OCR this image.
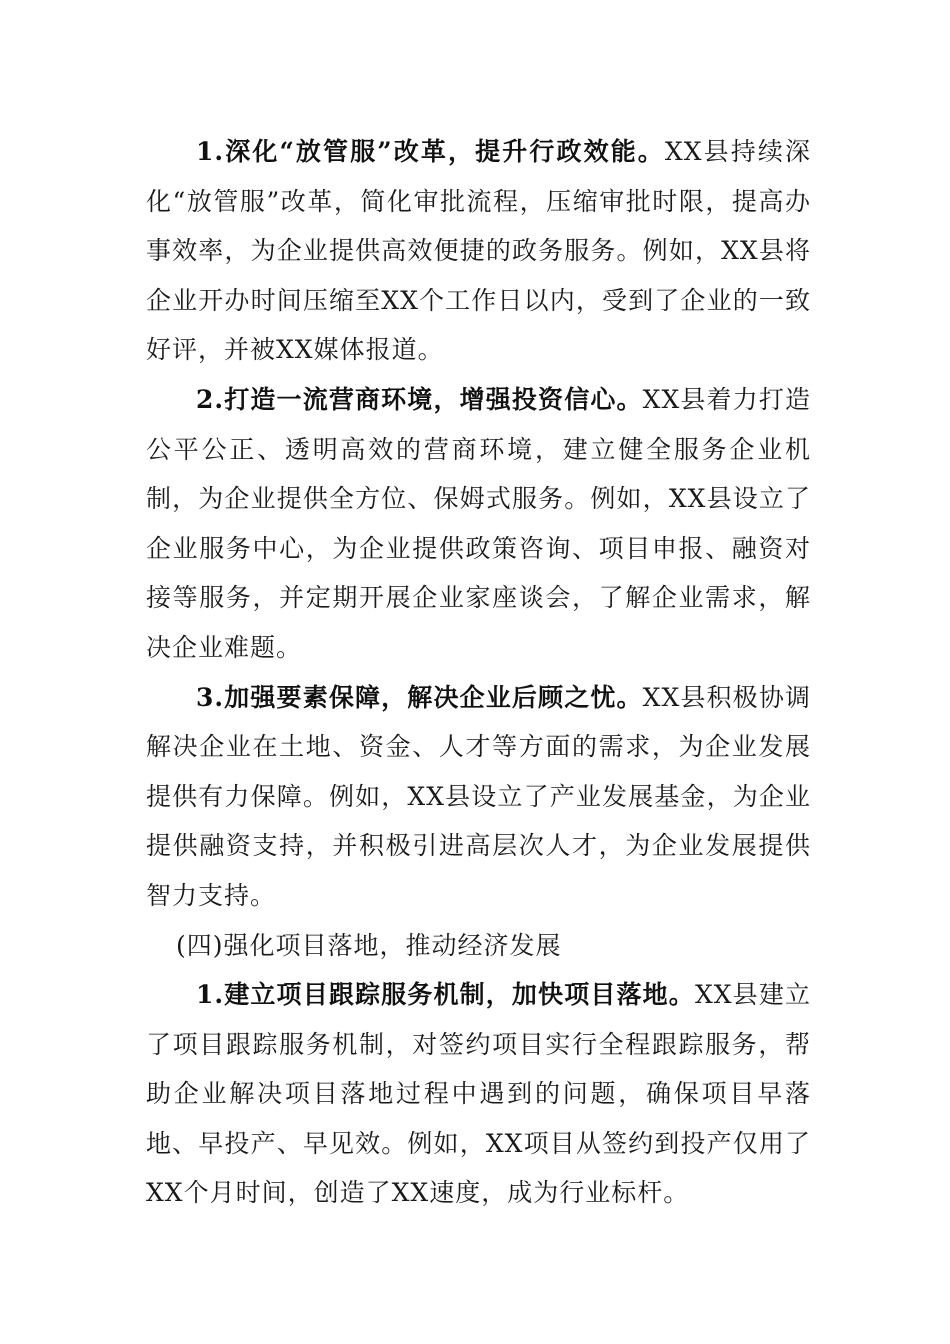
1.深化“放管服”改革，提升行政效能。XX县持续深化“放管服”改革，简化审批流程，压缩审批时限，提高办事效率，为企业提供高效便捷的政务服务。例如，XX县将企业开办时间压缩至XX个工作日以内，受到了企业的一致好评，并被XX媒体报道。

2.打造一流营商环境，增强投资信心。XX县着力打造公平公正、透明高效的营商环境，建立健全服务企业机制，为企业提供全方位、保姆式服务。例如，XX县设立了企业服务中心，为企业提供政策咨询、项目申报、融资对接等服务，并定期开展企业家座谈会，了解企业需求，解决企业难题。

3.加强要素保障，解决企业后顾之忧。XX县积极协调解决企业在土地、资金、人才等方面的需求，为企业发展提供有力保障。例如，XX县设立了产业发展基金，为企业提供融资支持，并积极引进高层次人才，为企业发展提供智力支持。

(四)强化项目落地，推动经济发展

1.建立项目跟踪服务机制，加快项目落地。XX县建立了项目跟踪服务机制，对签约项目实行全程跟踪服务，帮助企业解决项目落地过程中遇到的问题，确保项目早落地、早投产、早见效。例如，XX项目从签约到投产仅用了XX个月时间，创造了XX速度，成为行业标杆。
